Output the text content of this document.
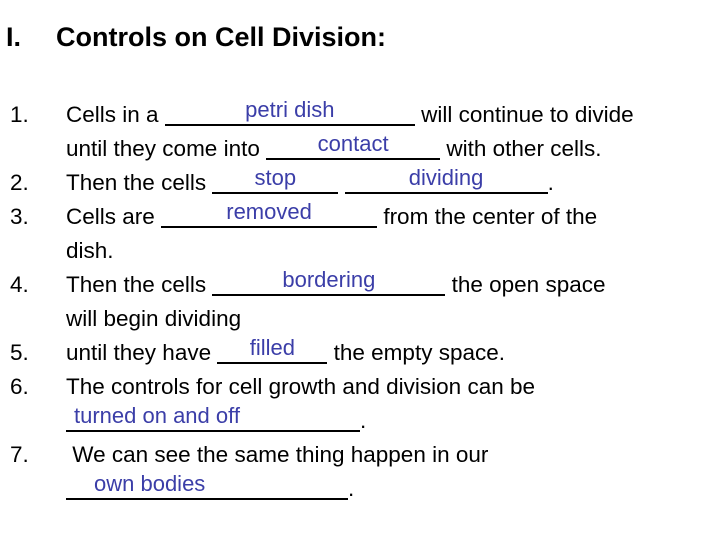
I. Controls on Cell Division:
1.	Cells in a	petri dish	will continue to divide
until they come into	contact	with other cells.
2.	Then the cells	stop
	dividing	.
3.	Cells are	removed	from the center of the
dish.
4.	Then the cells	bordering	the open space
will begin dividing
5.	until they have	filled	the empty space.
6.	The controls for cell growth and division can be
turned on and off	.
7.	We can see the same thing happen in our
own bodies	.
